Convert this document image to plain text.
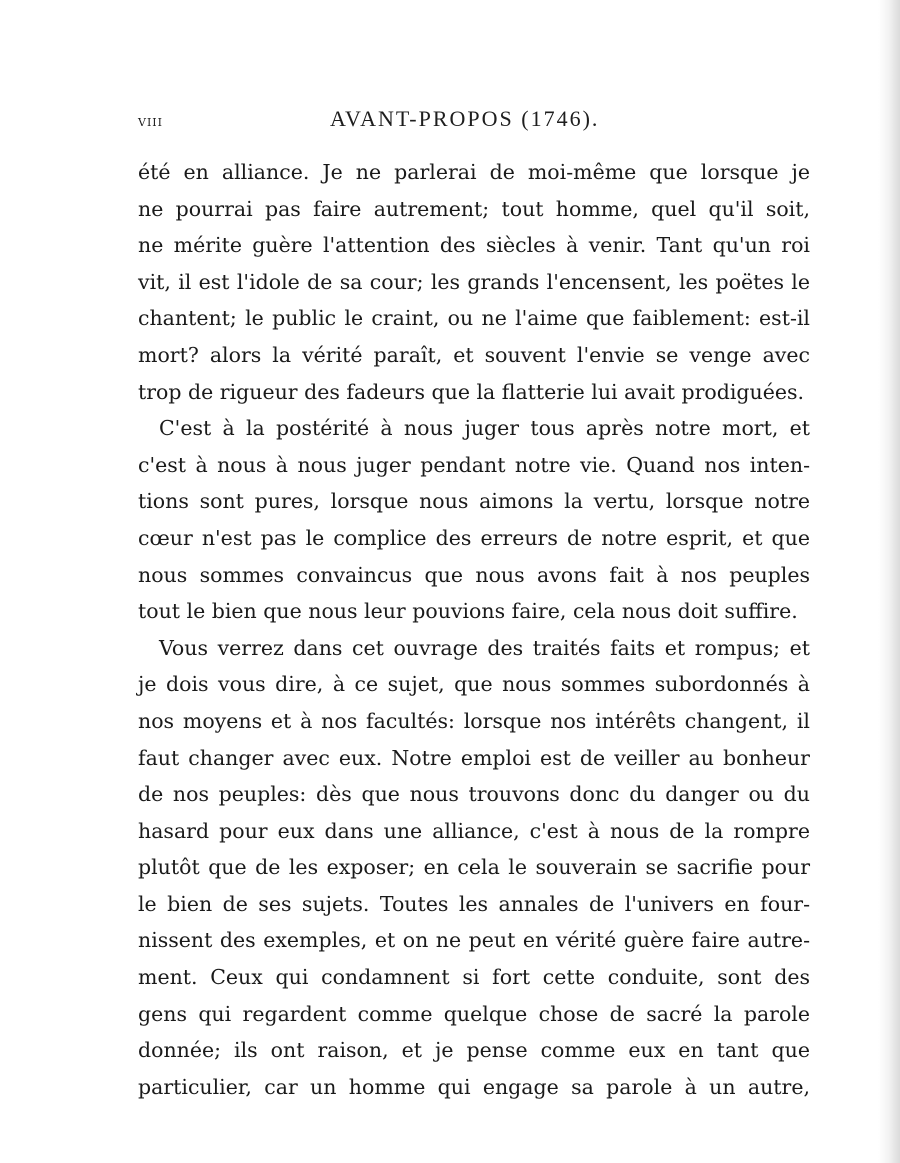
viii	AVANT-PROPOS (1746).
été en alliance. Je ne parlerai de moi-même que lorsque je
ne pourrai pas faire autrement; tout homme, quel qu'il soit,
ne mérite guère l'attention des siècles à venir. Tant qu'un roi
vit, il est l'idole de sa cour; les grands l'encensent, les poëtes le
chantent; le public le craint, ou ne l'aime que faiblement: est-il
mort? alors la vérité paraît, et souvent l'envie se venge avec
trop de rigueur des fadeurs que la flatterie lui avait prodiguées.
C'est à la postérité à nous juger tous après notre mort, et
c'est à nous à nous juger pendant notre vie. Quand nos inten-
tions sont pures, lorsque nous aimons la vertu, lorsque notre
cœur n'est pas le complice des erreurs de notre esprit, et que
nous sommes convaincus que nous avons fait à nos peuples
tout le bien que nous leur pouvions faire, cela nous doit suffire.
Vous verrez dans cet ouvrage des traités faits et rompus; et
je dois vous dire, à ce sujet, que nous sommes subordonnés à
nos moyens et à nos facultés: lorsque nos intérêts changent, il
faut changer avec eux. Notre emploi est de veiller au bonheur
de nos peuples: dès que nous trouvons donc du danger ou du
hasard pour eux dans une alliance, c'est à nous de la rompre
plutôt que de les exposer; en cela le souverain se sacrifie pour
le bien de ses sujets. Toutes les annales de l'univers en four-
nissent des exemples, et on ne peut en vérité guère faire autre-
ment. Ceux qui condamnent si fort cette conduite, sont des
gens qui regardent comme quelque chose de sacré la parole
donnée; ils ont raison, et je pense comme eux en tant que
particulier, car un homme qui engage sa parole à un autre,
